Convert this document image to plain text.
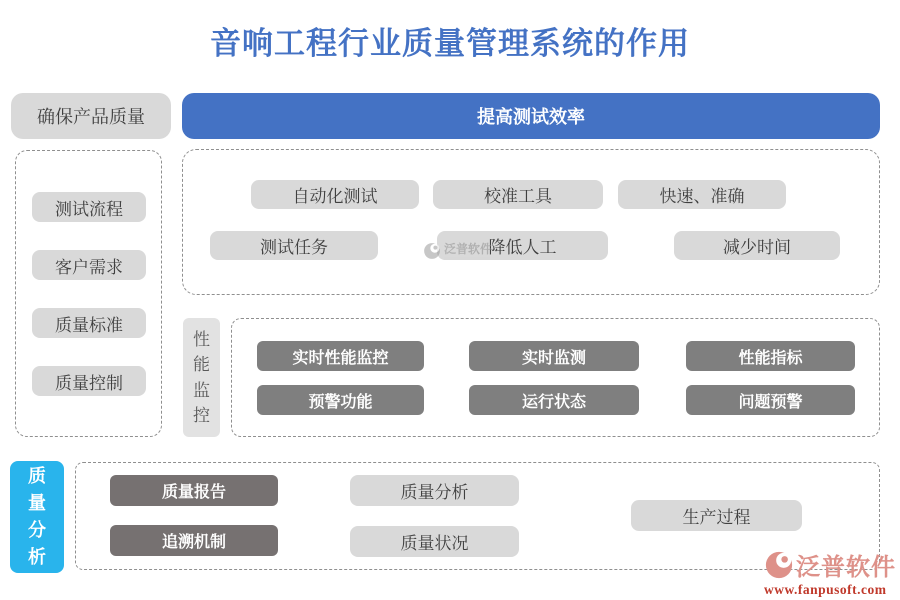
音响工程行业质量管理系统的作用
确保产品质量	提高测试效率
测试流程
客户需求
质量标准
质量控制
自动化测试	校准工具	快速、准确
测试任务	降低人工	减少时间
性能监控
实时性能监控	实时监测	性能指标
预警功能	运行状态	问题预警
质量分析
质量报告	质量分析
生产过程
追溯机制	质量状况
泛普软件
泛普软件
www.fanpusoft.com
